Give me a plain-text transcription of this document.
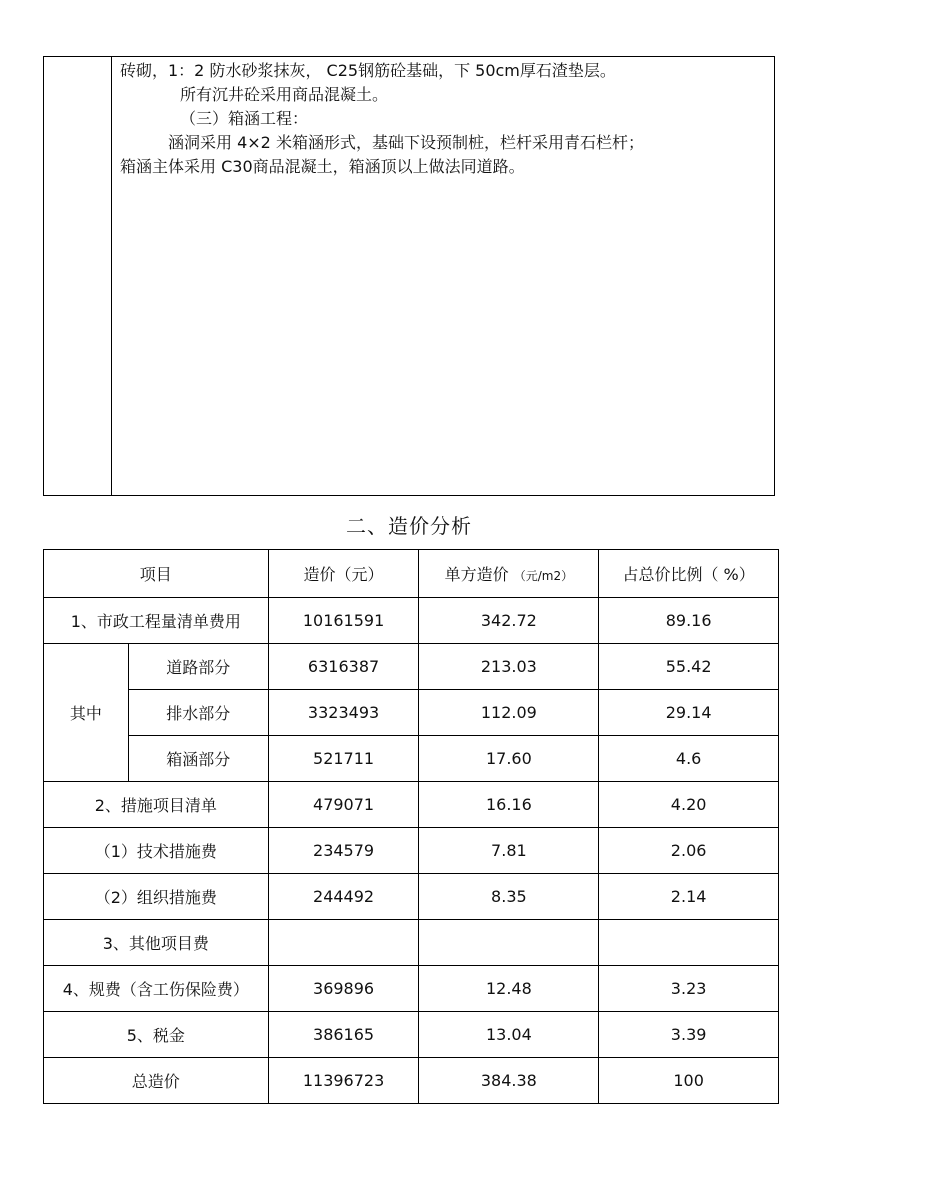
砖砌，1：2 防水砂浆抹灰， C25钢筋砼基础，下 50cm厚石渣垫层。
所有沉井砼采用商品混凝土。
（三）箱涵工程：
涵洞采用 4×2 米箱涵形式，基础下设预制桩，栏杆采用青石栏杆；
箱涵主体采用 C30商品混凝土，箱涵顶以上做法同道路。
二、造价分析
项目		造价（元）	单方造价 （元/m2）	占总价比例（ %）
1、市政工程量清单费用		10161591	342.72	89.16
其中	道路部分	6316387	213.03	55.42
	排水部分	3323493	112.09	29.14
	箱涵部分	521711	17.60	4.6
2、措施项目清单		479071	16.16	4.20
（1）技术措施费		234579	7.81	2.06
（2）组织措施费		244492	8.35	2.14
3、其他项目费				
4、规费（含工伤保险费）		369896	12.48	3.23
5、税金		386165	13.04	3.39
总造价		11396723	384.38	100
